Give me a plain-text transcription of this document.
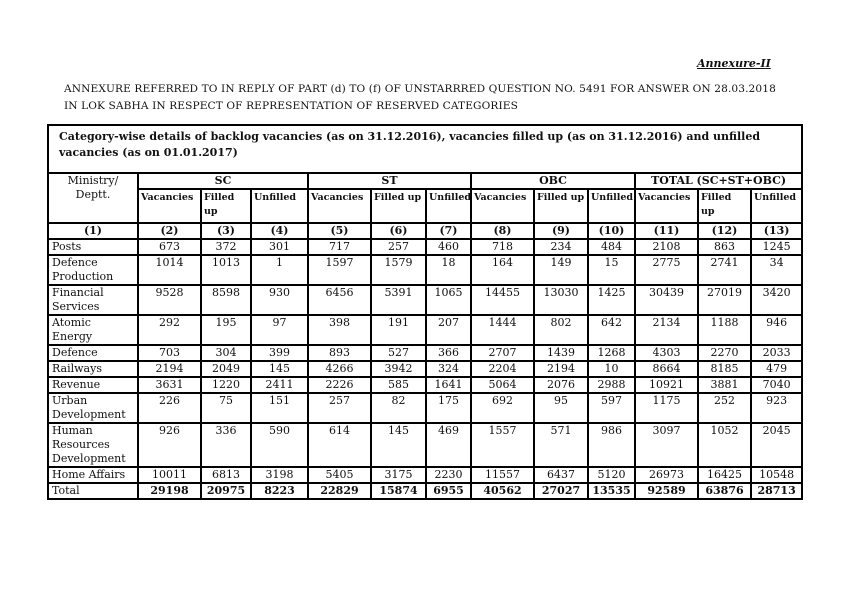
Annexure-II
ANNEXURE REFERRED TO IN REPLY OF PART (d) TO (f) OF UNSTARRRED QUESTION NO. 5491 FOR ANSWER ON 28.03.2018 IN LOK SABHA IN RESPECT OF REPRESENTATION OF RESERVED CATEGORIES
Category-wise details of backlog vacancies (as on 31.12.2016), vacancies filled up (as on 31.12.2016) and unfilled vacancies (as on 01.01.2017)												
Ministry/ Deptt.	SC			ST			OBC			TOTAL (SC+ST+OBC)		
	Vacancies	Filled up	Unfilled	Vacancies	Filled up	Unfilled	Vacancies	Filled up	Unfilled	Vacancies	Filled up	Unfilled
(1)	(2)	(3)	(4)	(5)	(6)	(7)	(8)	(9)	(10)	(11)	(12)	(13)
Posts	673	372	301	717	257	460	718	234	484	2108	863	1245
Defence Production	1014	1013	1	1597	1579	18	164	149	15	2775	2741	34
Financial Services	9528	8598	930	6456	5391	1065	14455	13030	1425	30439	27019	3420
Atomic Energy	292	195	97	398	191	207	1444	802	642	2134	1188	946
Defence	703	304	399	893	527	366	2707	1439	1268	4303	2270	2033
Railways	2194	2049	145	4266	3942	324	2204	2194	10	8664	8185	479
Revenue	3631	1220	2411	2226	585	1641	5064	2076	2988	10921	3881	7040
Urban Development	226	75	151	257	82	175	692	95	597	1175	252	923
Human Resources Development	926	336	590	614	145	469	1557	571	986	3097	1052	2045
Home Affairs	10011	6813	3198	5405	3175	2230	11557	6437	5120	26973	16425	10548
Total	29198	20975	8223	22829	15874	6955	40562	27027	13535	92589	63876	28713
